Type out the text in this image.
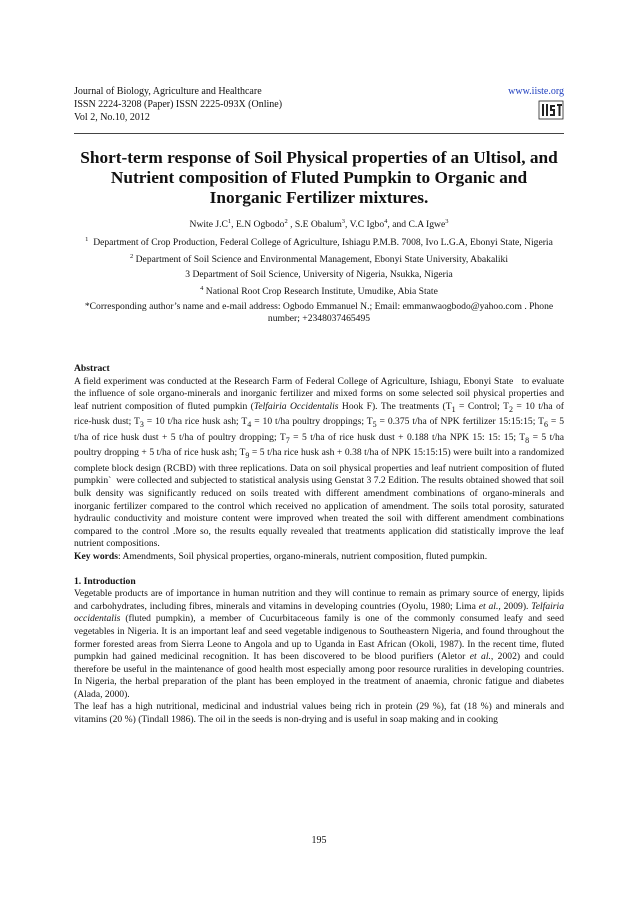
Journal of Biology, Agriculture and Healthcare
ISSN 2224-3208 (Paper) ISSN 2225-093X (Online)
Vol 2, No.10, 2012
www.iiste.org
Short-term response of Soil Physical properties of an Ultisol, and Nutrient composition of Fluted Pumpkin to Organic and Inorganic Fertilizer mixtures.

Nwite $J.C^1$, E.N Ogbodo$^2$ , S.E Obalum$^3$, V.C Igbo$^4$, and C.A Igwe$^3$

$^1$  Department of Crop Production, Federal College of Agriculture, Ishiagu P.M.B. 7008, Ivo L.G.A, Ebonyi State, Nigeria

$^2$ Department of Soil Science and Environmental Management, Ebonyi State University, Abakaliki

3 Department of Soil Science, University of Nigeria, Nsukka, Nigeria

$^4$ National Root Crop Research Institute, Umudike, Abia State

*Corresponding author’s name and e-mail address: Ogbodo Emmanuel N.; Email: emmanwaogbodo@yahoo.com . Phone number; +2348037465495

Abstract

A field experiment was conducted at the Research Farm of Federal College of Agriculture, Ishiagu, Ebonyi State   to evaluate the influence of sole organo-minerals and inorganic fertilizer and mixed forms on some selected soil physical properties and leaf nutrient composition of fluted pumpkin (Telfairia Occidentalis Hook F). The treatments ($T_1$ = Control; $T_2 = 10$ t/ha of rice-husk dust; $T_3 = 10$ t/ha rice husk ash; $T_4 = 10$ t/ha poultry droppings; $T_5 = 0.375$ t/ha of NPK fertilizer 15:15:15; $T_6 = 5$ t/ha of rice husk dust + 5 t/ha of poultry dropping; $T_7 = 5$ t/ha of rice husk dust + 0.188 t/ha NPK 15: 15: 15; $T_8 = 5$ t/ha poultry dropping + 5 t/ha of rice husk ash; $T_9 = 5$ t/ha rice husk ash + 0.38 t/ha of NPK 15:15:15) were built into a randomized complete block design (RCBD) with three replications. Data on soil physical properties and leaf nutrient composition of fluted pumpkin`  were collected and subjected to statistical analysis using Genstat 3 7.2 Edition. The results obtained showed that soil bulk density was significantly reduced on soils treated with different amendment combinations of organo-minerals and inorganic fertilizer compared to the control which received no application of amendment. The soils total porosity, saturated hydraulic conductivity and moisture content were improved when treated the soil with different amendment combinations compared to the control .More so, the results equally revealed that treatments application did statistically improve the leaf nutrient compositions.

Key words: Amendments, Soil physical properties, organo-minerals, nutrient composition, fluted pumpkin.

1. Introduction

Vegetable products are of importance in human nutrition and they will continue to remain as primary source of energy, lipids and carbohydrates, including fibres, minerals and vitamins in developing countries (Oyolu, 1980; Lima et al., 2009). Telfairia occidentalis (fluted pumpkin), a member of Cucurbitaceous family is one of the commonly consumed leafy and seed vegetables in Nigeria. It is an important leaf and seed vegetable indigenous to Southeastern Nigeria, and found throughout the former forested areas from Sierra Leone to Angola and up to Uganda in East African (Okoli, 1987). In the recent time, fluted pumpkin had gained medicinal recognition. It has been discovered to be blood purifiers (Aletor et al., 2002) and could therefore be useful in the maintenance of good health most especially among poor resource ruralities in developing countries. In Nigeria, the herbal preparation of the plant has been employed in the treatment of anaemia, chronic fatigue and diabetes (Alada, 2000).

The leaf has a high nutritional, medicinal and industrial values being rich in protein (29 %), fat (18 %) and minerals and vitamins (20 %) (Tindall 1986). The oil in the seeds is non-drying and is useful in soap making and in cooking

195
